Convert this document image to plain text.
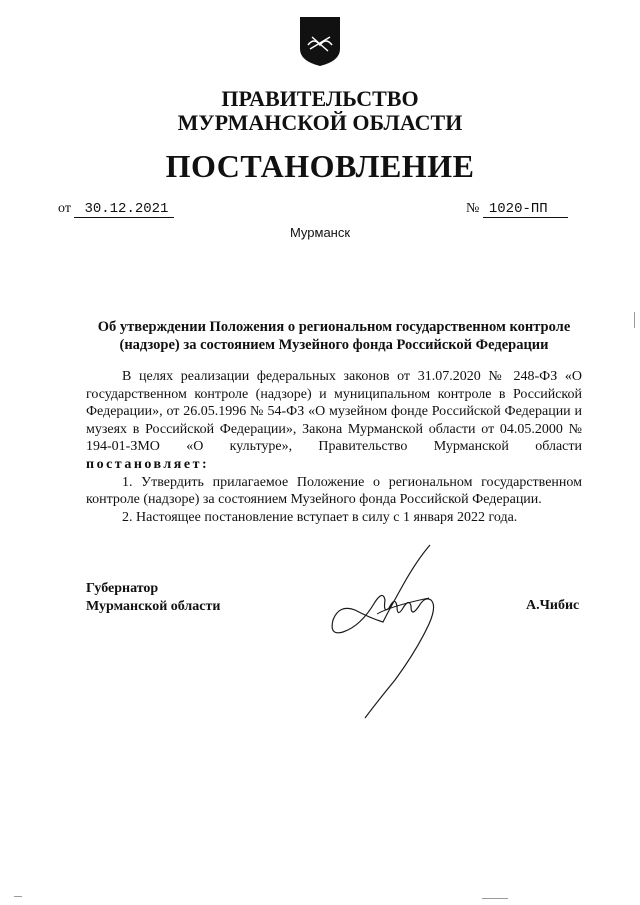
ПРАВИТЕЛЬСТВО
МУРМАНСКОЙ ОБЛАСТИ
ПОСТАНОВЛЕНИЕ
от 30.12.2021	№ 1020-ПП
Мурманск
Об утверждении Положения о региональном государственном контроле (надзоре) за состоянием Музейного фонда Российской Федерации

В целях реализации федеральных законов от 31.07.2020 № 248-ФЗ «О государственном контроле (надзоре) и муниципальном контроле в Российской Федерации», от 26.05.1996 № 54-ФЗ «О музейном фонде Российской Федерации и музеях в Российской Федерации», Закона Мурманской области от 04.05.2000 № 194-01-ЗМО «О культуре», Правительство Мурманской области постановляет:

1. Утвердить прилагаемое Положение о региональном государственном контроле (надзоре) за состоянием Музейного фонда Российской Федерации.

2. Настоящее постановление вступает в силу с 1 января 2022 года.

Губернатор
Мурманской области	А.Чибис
